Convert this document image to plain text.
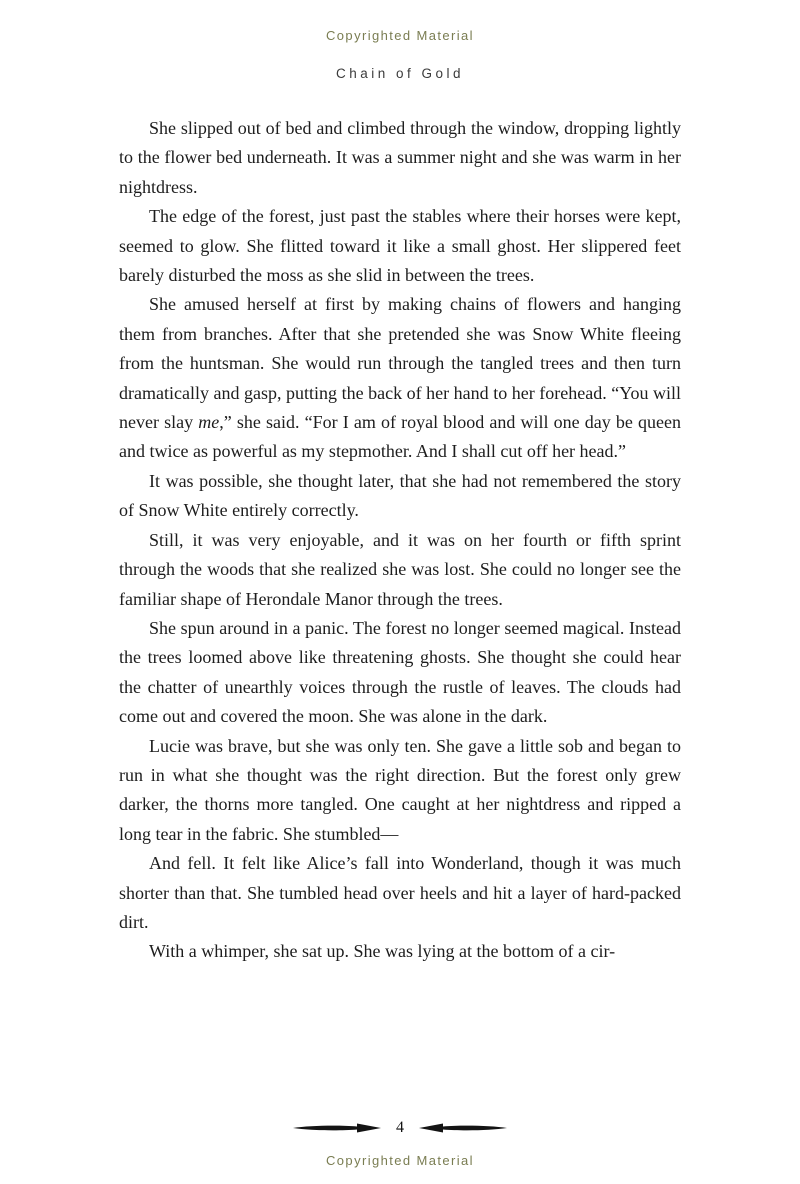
Copyrighted Material
Chain of Gold

She slipped out of bed and climbed through the window, dropping lightly to the flower bed underneath. It was a summer night and she was warm in her nightdress.

The edge of the forest, just past the stables where their horses were kept, seemed to glow. She flitted toward it like a small ghost. Her slippered feet barely disturbed the moss as she slid in between the trees.

She amused herself at first by making chains of flowers and hanging them from branches. After that she pretended she was Snow White fleeing from the huntsman. She would run through the tangled trees and then turn dramatically and gasp, putting the back of her hand to her forehead. “You will never slay me,” she said. “For I am of royal blood and will one day be queen and twice as powerful as my stepmother. And I shall cut off her head.”

It was possible, she thought later, that she had not remembered the story of Snow White entirely correctly.

Still, it was very enjoyable, and it was on her fourth or fifth sprint through the woods that she realized she was lost. She could no longer see the familiar shape of Herondale Manor through the trees.

She spun around in a panic. The forest no longer seemed magical. Instead the trees loomed above like threatening ghosts. She thought she could hear the chatter of unearthly voices through the rustle of leaves. The clouds had come out and covered the moon. She was alone in the dark.

Lucie was brave, but she was only ten. She gave a little sob and began to run in what she thought was the right direction. But the forest only grew darker, the thorns more tangled. One caught at her nightdress and ripped a long tear in the fabric. She stumbled—

And fell. It felt like Alice’s fall into Wonderland, though it was much shorter than that. She tumbled head over heels and hit a layer of hard-packed dirt.

With a whimper, she sat up. She was lying at the bottom of a cir-

4
Copyrighted Material
